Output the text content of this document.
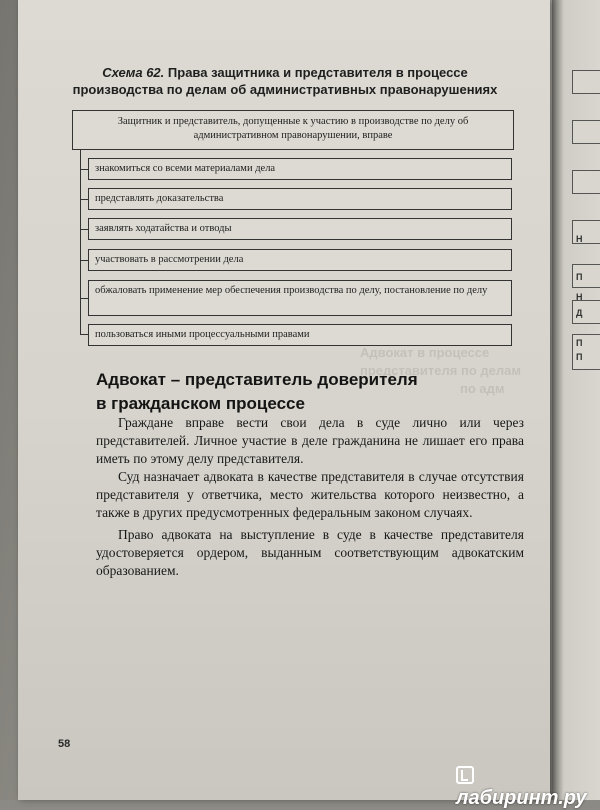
Н
П
Н
Д
П
П
Схема 62. Права защитника и представителя в процессе
производства по делам об административных правонарушениях
Защитник и представитель, допущенные к участию в производстве по делу об административном правонарушении, вправе
знакомиться со всеми материалами дела
представлять доказательства
заявлять ходатайства и отводы
участвовать в рассмотрении дела
обжаловать применение мер обеспечения производства по делу, постановление по делу
пользоваться иными процессуальными правами
Адвокат в процессе представителя по делам
по адм
Адвокат – представитель доверителя
в гражданском процессе
Граждане вправе вести свои дела в суде лично или через представителей. Личное участие в деле гражданина не лишает его права иметь по этому делу представителя.
Суд назначает адвоката в качестве представителя в случае отсутствия представителя у ответчика, место жительства которого неизвестно, а также в других предусмотренных федеральным законом случаях.
Право адвоката на выступление в суде в качестве представителя удостоверяется ордером, выданным соответствующим адвокатским образованием.
58
лабиринт.ру
